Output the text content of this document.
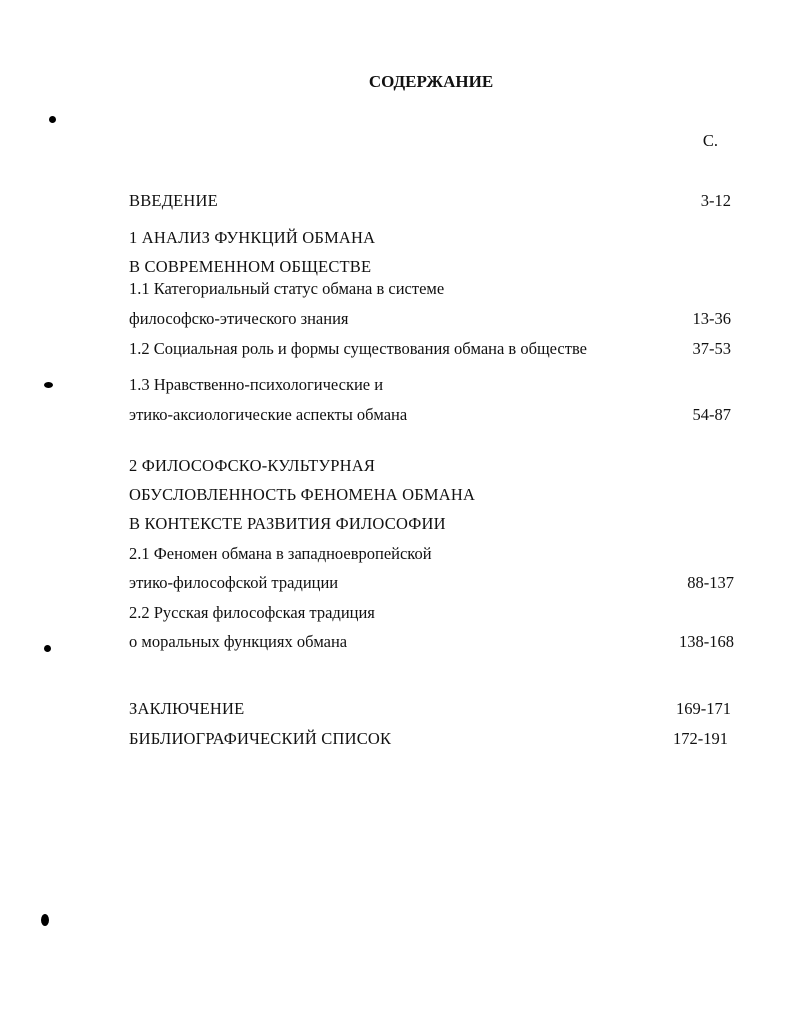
СОДЕРЖАНИЕ
С.
ВВЕДЕНИЕ	3-12
1 АНАЛИЗ ФУНКЦИЙ ОБМАНА
В СОВРЕМЕННОМ ОБЩЕСТВЕ
1.1 Категориальный статус обмана в системе
философско-этического знания	13-36
1.2 Социальная роль и формы существования обмана в обществе	37-53
1.3 Нравственно-психологические и
этико-аксиологические аспекты обмана	54-87
2 ФИЛОСОФСКО-КУЛЬТУРНАЯ
ОБУСЛОВЛЕННОСТЬ ФЕНОМЕНА ОБМАНА
В КОНТЕКСТЕ РАЗВИТИЯ ФИЛОСОФИИ
2.1 Феномен обмана в западноевропейской
этико-философской традиции	88-137
2.2 Русская философская традиция
о моральных функциях обмана	138-168
ЗАКЛЮЧЕНИЕ	169-171
БИБЛИОГРАФИЧЕСКИЙ СПИСОК	172-191
